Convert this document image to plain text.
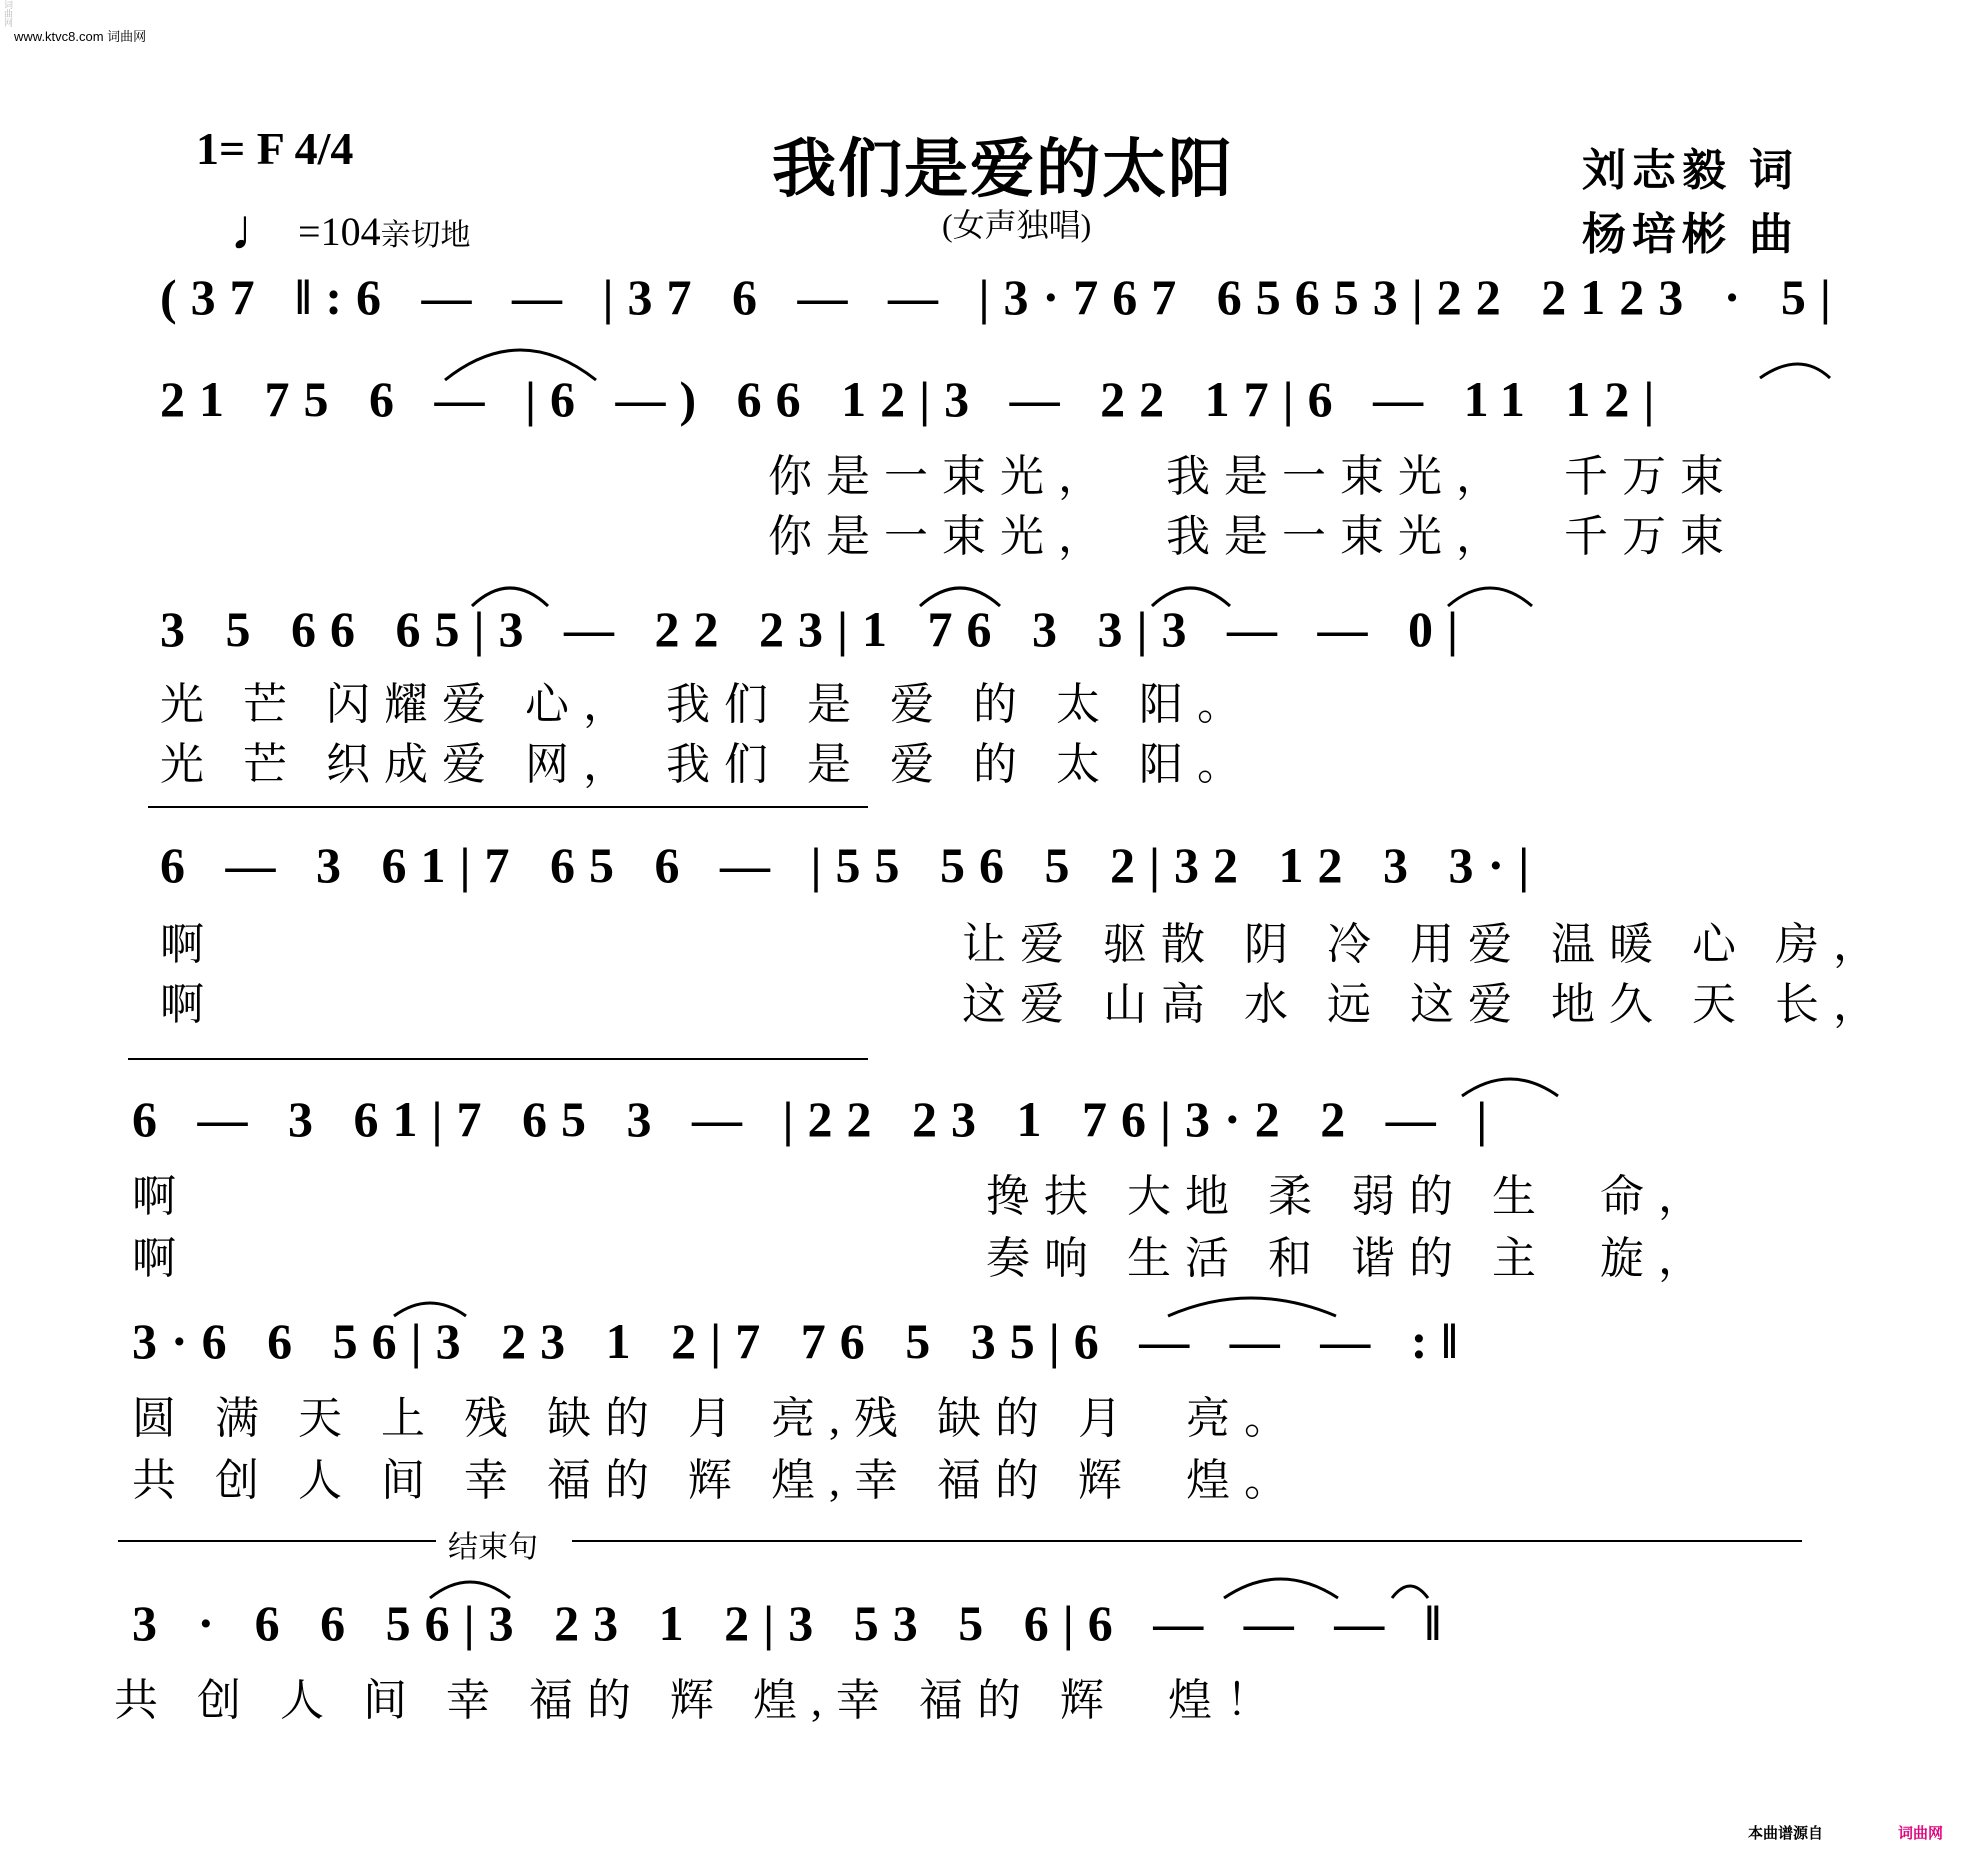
www.ktvc8.com 词曲网
1= F 4/4
♩ =104亲切地
我们是爱的太阳
(女声独唱)
刘志毅 词
杨培彬 曲
(37 ‖:6 — — |37 6 — — |3·767 65653|22 2123 · 5|
21 75 6 — |6 —) 66 12|3 — 22 17|6 — 11 12|
你是一束光，  我是一束光，  千万束
你是一束光，  我是一束光，  千万束
3 5 66 65|3 — 22 23|1 76 3 3|3 — — 0|
光 芒 闪耀爱 心， 我们 是 爱 的 太 阳。
光 芒 织成爱 网， 我们 是 爱 的 太 阳。
6 — 3 61|7 65 6 — |55 56 5 2|32 12 3 3·|
啊	让爱 驱散 阴 冷 用爱 温暖 心 房，
啊	这爱 山高 水 远 这爱 地久 天 长，
6 — 3 61|7 65 3 — |22 23 1 76|3·2 2 — |
啊	搀扶 大地 柔 弱的 生  命，
啊	奏响 生活 和 谐的 主  旋，
3·6 6 56|3 23 1 2|7 76 5 35|6 — — — :‖
圆 满 天 上 残 缺的 月 亮,残 缺的 月  亮。
共 创 人 间 幸 福的 辉 煌,幸 福的 辉  煌。
结束句
3 · 6 6 56|3 23 1 2|3 53 5 6|6 — — — ‖
共 创 人 间 幸 福的 辉 煌,幸 福的 辉  煌！
词曲网
本曲谱源自	词曲网
